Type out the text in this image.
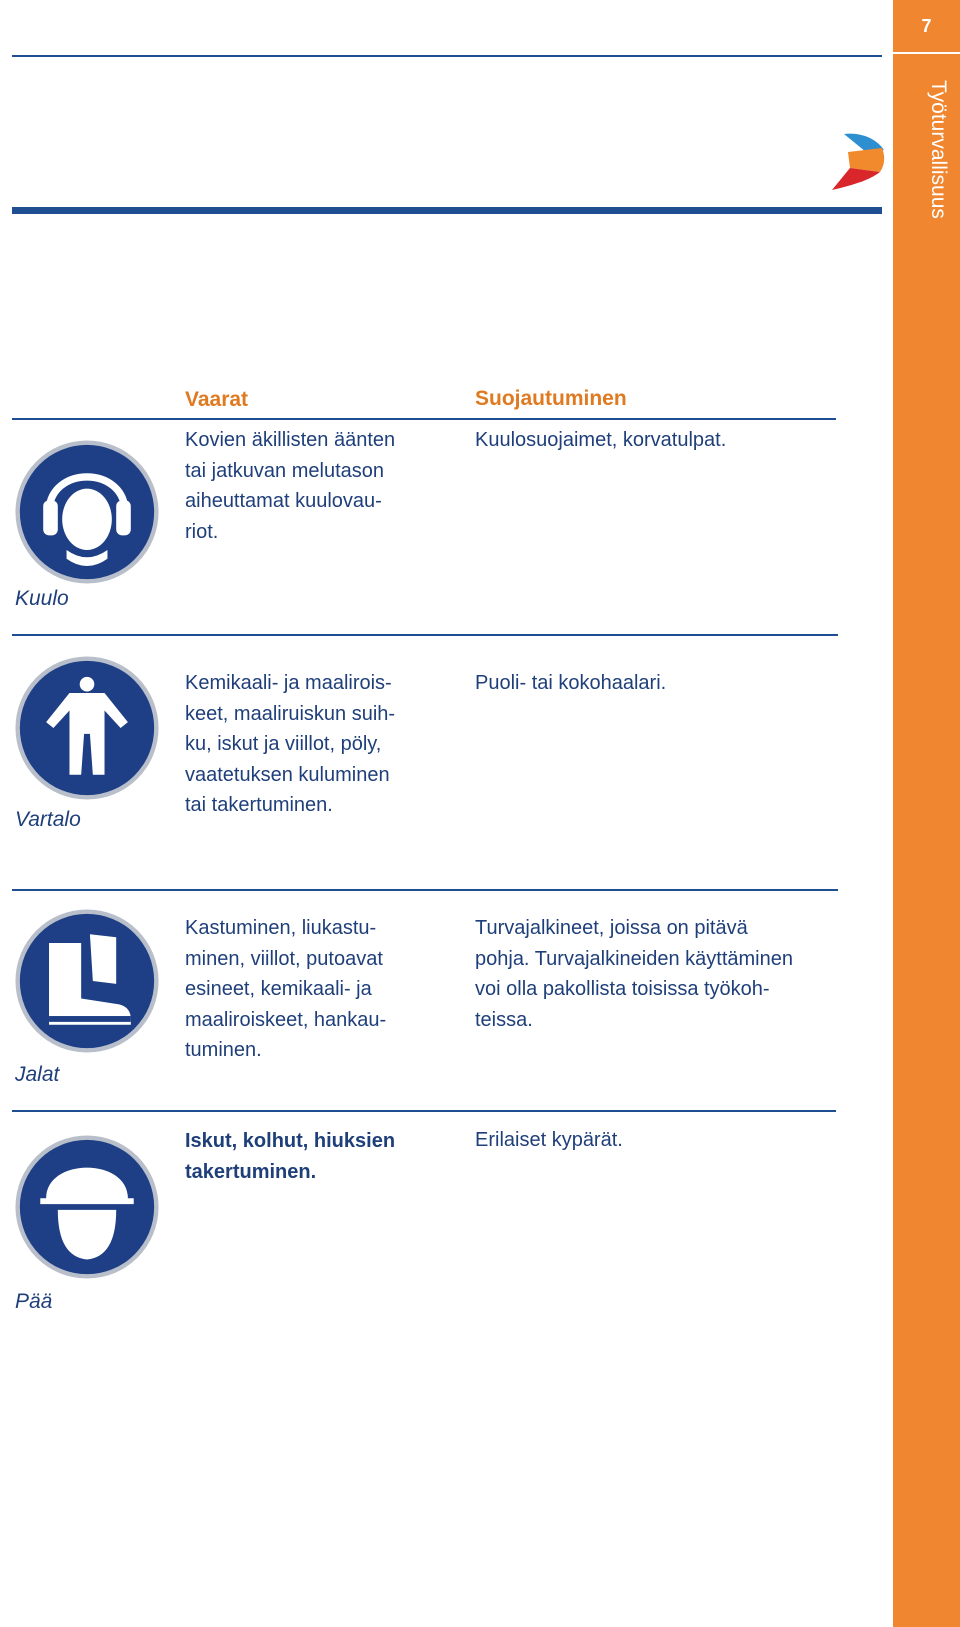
7
Työturvallisuus
Vaarat	Suojautuminen
Kuulo
Kovien äkillisten äänten
tai jatkuvan melutason
aiheuttamat kuulovau-
riot.
Kuulosuojaimet, korvatulpat.
Vartalo
Kemikaali- ja maalirois-
keet, maaliruiskun suih-
ku, iskut ja viillot, pöly,
vaatetuksen kuluminen
tai takertuminen.
Puoli- tai kokohaalari.
Jalat
Kastuminen, liukastu-
minen, viillot, putoavat
esineet, kemikaali- ja
maaliroiskeet, hankau-
tuminen.
Turvajalkineet, joissa on pitävä
pohja. Turvajalkineiden käyttäminen
voi olla pakollista toisissa työkoh-
teissa.
Pää
Iskut, kolhut, hiuksien
takertuminen.
Erilaiset kypärät.
